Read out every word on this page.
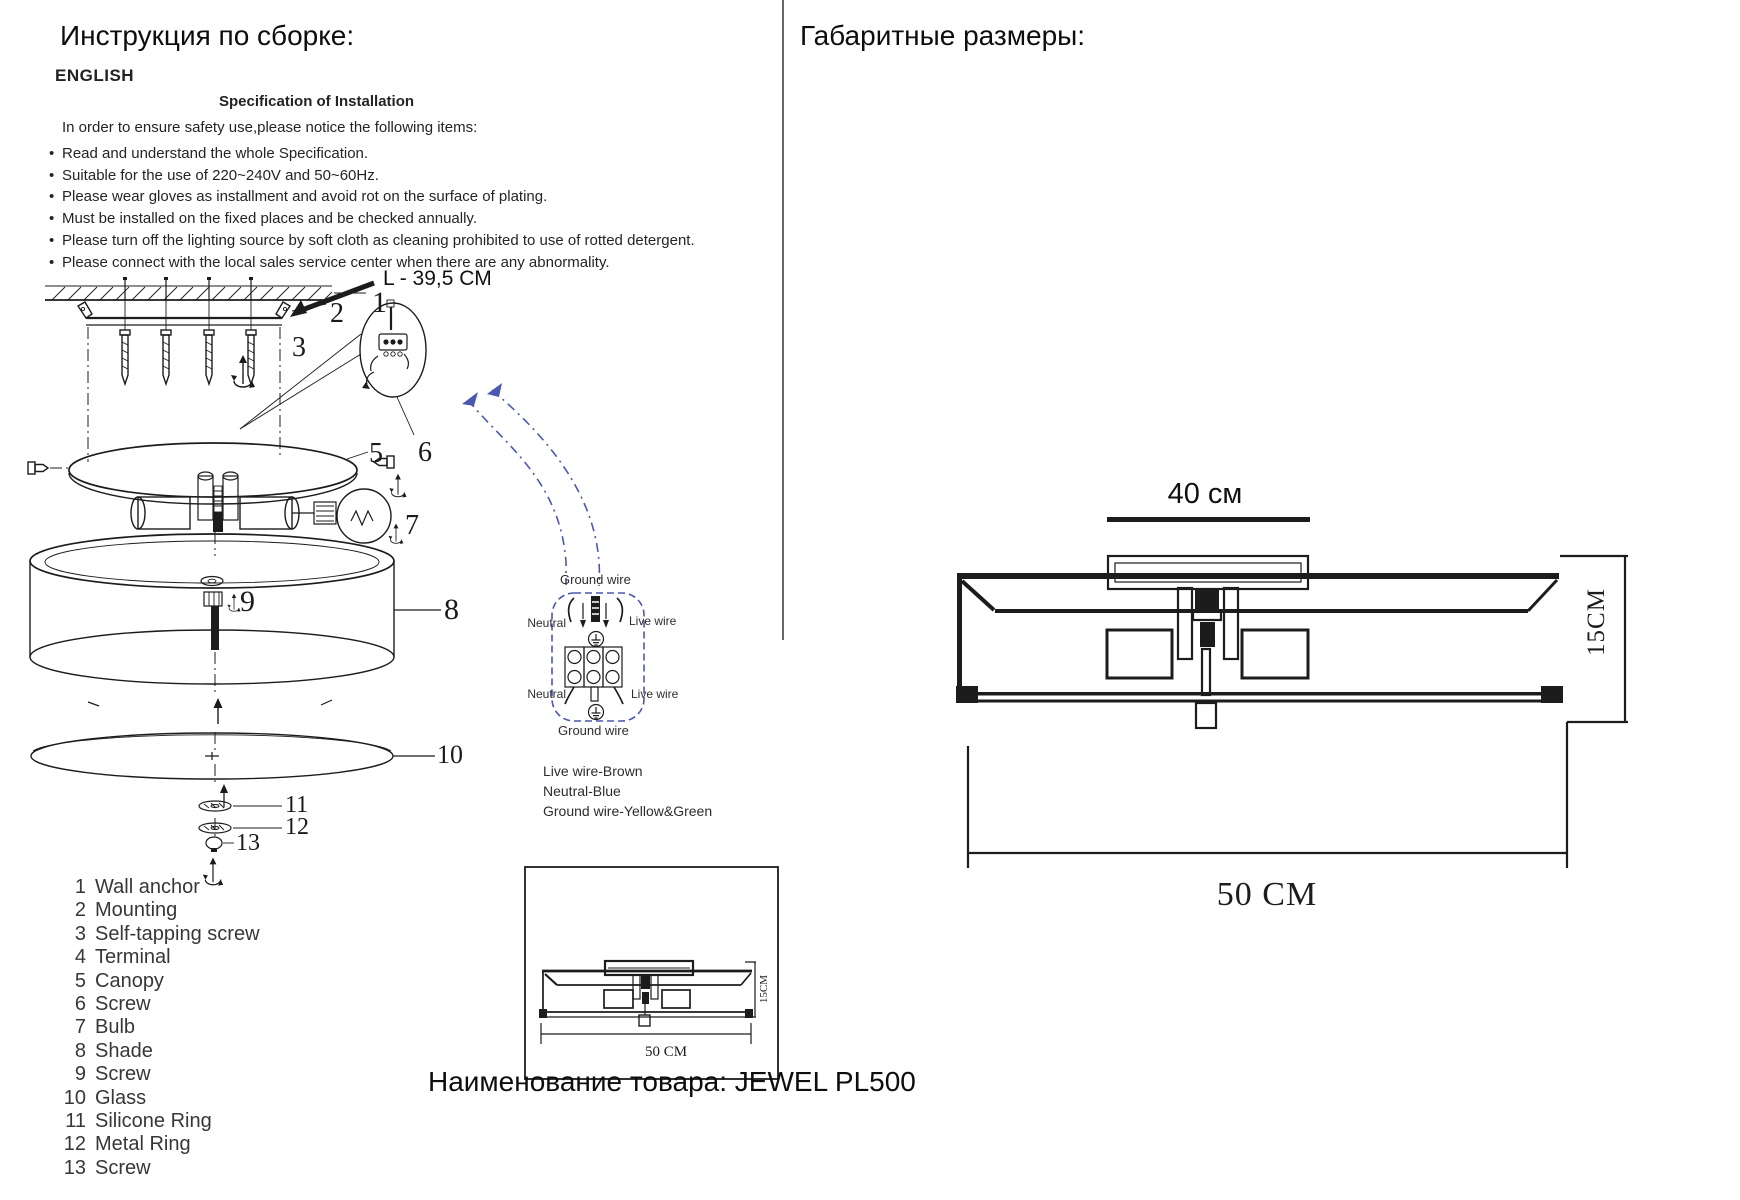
Инструкция по сборке:	Габаритные размеры:
ENGLISH
Specification of Installation
In order to ensure safety use,please notice the following items:
• Read and understand the whole Specification.
• Suitable for the use of 220~240V and 50~60Hz.
• Please wear gloves as installment and avoid rot on the surface of plating.
• Must be installed on the fixed places and be checked annually.
• Please turn off the lighting source by soft cloth as cleaning prohibited to use of rotted detergent.
• Please connect with the local sales service center when there are any abnormality.
L - 39,5 СМ
1
2
3
5 6
7
8
9
10
11
12
13
Ground wire
Neutral	Live wire
Neutral	Live wire
Ground wire
Live wire-Brown
Neutral-Blue
Ground wire-Yellow&Green
1 Wall anchor
2 Mounting
3 Self-tapping screw
4 Terminal
5 Canopy
6 Screw
7 Bulb
8 Shade
9 Screw
10 Glass
11 Silicone Ring
12 Metal Ring
13 Screw
50 CM
15CM
40 см
15CM
50 CM
Наименование товара: JEWEL PL500
